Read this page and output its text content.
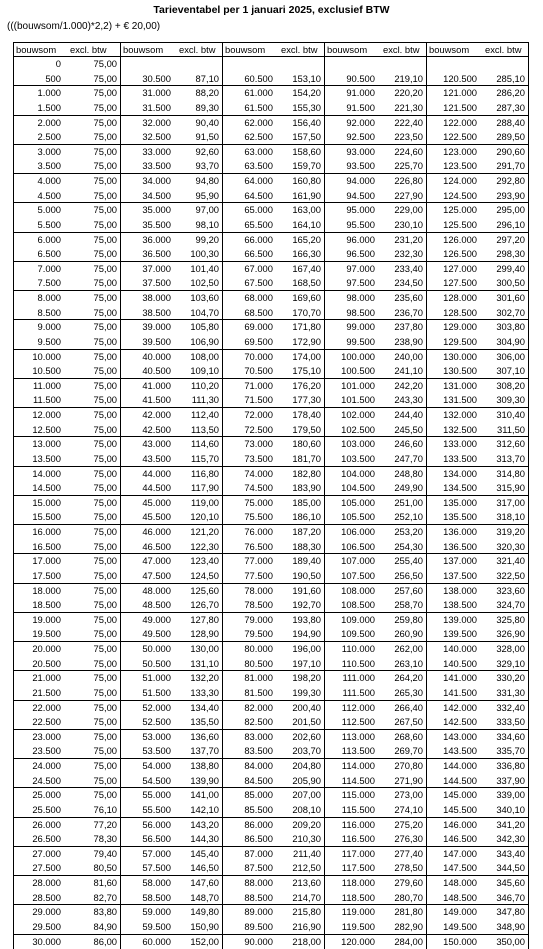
Tarieventabel per 1 januari 2025, exclusief BTW
(((bouwsom/1.000)*2,2) + € 20,00)
bouwsom	excl. btw
0	75,00
500	75,00
1.000	75,00
1.500	75,00
2.000	75,00
2.500	75,00
3.000	75,00
3.500	75,00
4.000	75,00
4.500	75,00
5.000	75,00
5.500	75,00
6.000	75,00
6.500	75,00
7.000	75,00
7.500	75,00
8.000	75,00
8.500	75,00
9.000	75,00
9.500	75,00
10.000	75,00
10.500	75,00
11.000	75,00
11.500	75,00
12.000	75,00
12.500	75,00
13.000	75,00
13.500	75,00
14.000	75,00
14.500	75,00
15.000	75,00
15.500	75,00
16.000	75,00
16.500	75,00
17.000	75,00
17.500	75,00
18.000	75,00
18.500	75,00
19.000	75,00
19.500	75,00
20.000	75,00
20.500	75,00
21.000	75,00
21.500	75,00
22.000	75,00
22.500	75,00
23.000	75,00
23.500	75,00
24.000	75,00
24.500	75,00
25.000	75,00
25.500	76,10
26.000	77,20
26.500	78,30
27.000	79,40
27.500	80,50
28.000	81,60
28.500	82,70
29.000	83,80
29.500	84,90
30.000	86,00
bouwsom	excl. btw
30.500	87,10
31.000	88,20
31.500	89,30
32.000	90,40
32.500	91,50
33.000	92,60
33.500	93,70
34.000	94,80
34.500	95,90
35.000	97,00
35.500	98,10
36.000	99,20
36.500	100,30
37.000	101,40
37.500	102,50
38.000	103,60
38.500	104,70
39.000	105,80
39.500	106,90
40.000	108,00
40.500	109,10
41.000	110,20
41.500	111,30
42.000	112,40
42.500	113,50
43.000	114,60
43.500	115,70
44.000	116,80
44.500	117,90
45.000	119,00
45.500	120,10
46.000	121,20
46.500	122,30
47.000	123,40
47.500	124,50
48.000	125,60
48.500	126,70
49.000	127,80
49.500	128,90
50.000	130,00
50.500	131,10
51.000	132,20
51.500	133,30
52.000	134,40
52.500	135,50
53.000	136,60
53.500	137,70
54.000	138,80
54.500	139,90
55.000	141,00
55.500	142,10
56.000	143,20
56.500	144,30
57.000	145,40
57.500	146,50
58.000	147,60
58.500	148,70
59.000	149,80
59.500	150,90
60.000	152,00
bouwsom	excl. btw
60.500	153,10
61.000	154,20
61.500	155,30
62.000	156,40
62.500	157,50
63.000	158,60
63.500	159,70
64.000	160,80
64.500	161,90
65.000	163,00
65.500	164,10
66.000	165,20
66.500	166,30
67.000	167,40
67.500	168,50
68.000	169,60
68.500	170,70
69.000	171,80
69.500	172,90
70.000	174,00
70.500	175,10
71.000	176,20
71.500	177,30
72.000	178,40
72.500	179,50
73.000	180,60
73.500	181,70
74.000	182,80
74.500	183,90
75.000	185,00
75.500	186,10
76.000	187,20
76.500	188,30
77.000	189,40
77.500	190,50
78.000	191,60
78.500	192,70
79.000	193,80
79.500	194,90
80.000	196,00
80.500	197,10
81.000	198,20
81.500	199,30
82.000	200,40
82.500	201,50
83.000	202,60
83.500	203,70
84.000	204,80
84.500	205,90
85.000	207,00
85.500	208,10
86.000	209,20
86.500	210,30
87.000	211,40
87.500	212,50
88.000	213,60
88.500	214,70
89.000	215,80
89.500	216,90
90.000	218,00
bouwsom	excl. btw
90.500	219,10
91.000	220,20
91.500	221,30
92.000	222,40
92.500	223,50
93.000	224,60
93.500	225,70
94.000	226,80
94.500	227,90
95.000	229,00
95.500	230,10
96.000	231,20
96.500	232,30
97.000	233,40
97.500	234,50
98.000	235,60
98.500	236,70
99.000	237,80
99.500	238,90
100.000	240,00
100.500	241,10
101.000	242,20
101.500	243,30
102.000	244,40
102.500	245,50
103.000	246,60
103.500	247,70
104.000	248,80
104.500	249,90
105.000	251,00
105.500	252,10
106.000	253,20
106.500	254,30
107.000	255,40
107.500	256,50
108.000	257,60
108.500	258,70
109.000	259,80
109.500	260,90
110.000	262,00
110.500	263,10
111.000	264,20
111.500	265,30
112.000	266,40
112.500	267,50
113.000	268,60
113.500	269,70
114.000	270,80
114.500	271,90
115.000	273,00
115.500	274,10
116.000	275,20
116.500	276,30
117.000	277,40
117.500	278,50
118.000	279,60
118.500	280,70
119.000	281,80
119.500	282,90
120.000	284,00
bouwsom	excl. btw
120.500	285,10
121.000	286,20
121.500	287,30
122.000	288,40
122.500	289,50
123.000	290,60
123.500	291,70
124.000	292,80
124.500	293,90
125.000	295,00
125.500	296,10
126.000	297,20
126.500	298,30
127.000	299,40
127.500	300,50
128.000	301,60
128.500	302,70
129.000	303,80
129.500	304,90
130.000	306,00
130.500	307,10
131.000	308,20
131.500	309,30
132.000	310,40
132.500	311,50
133.000	312,60
133.500	313,70
134.000	314,80
134.500	315,90
135.000	317,00
135.500	318,10
136.000	319,20
136.500	320,30
137.000	321,40
137.500	322,50
138.000	323,60
138.500	324,70
139.000	325,80
139.500	326,90
140.000	328,00
140.500	329,10
141.000	330,20
141.500	331,30
142.000	332,40
142.500	333,50
143.000	334,60
143.500	335,70
144.000	336,80
144.500	337,90
145.000	339,00
145.500	340,10
146.000	341,20
146.500	342,30
147.000	343,40
147.500	344,50
148.000	345,60
148.500	346,70
149.000	347,80
149.500	348,90
150.000	350,00
